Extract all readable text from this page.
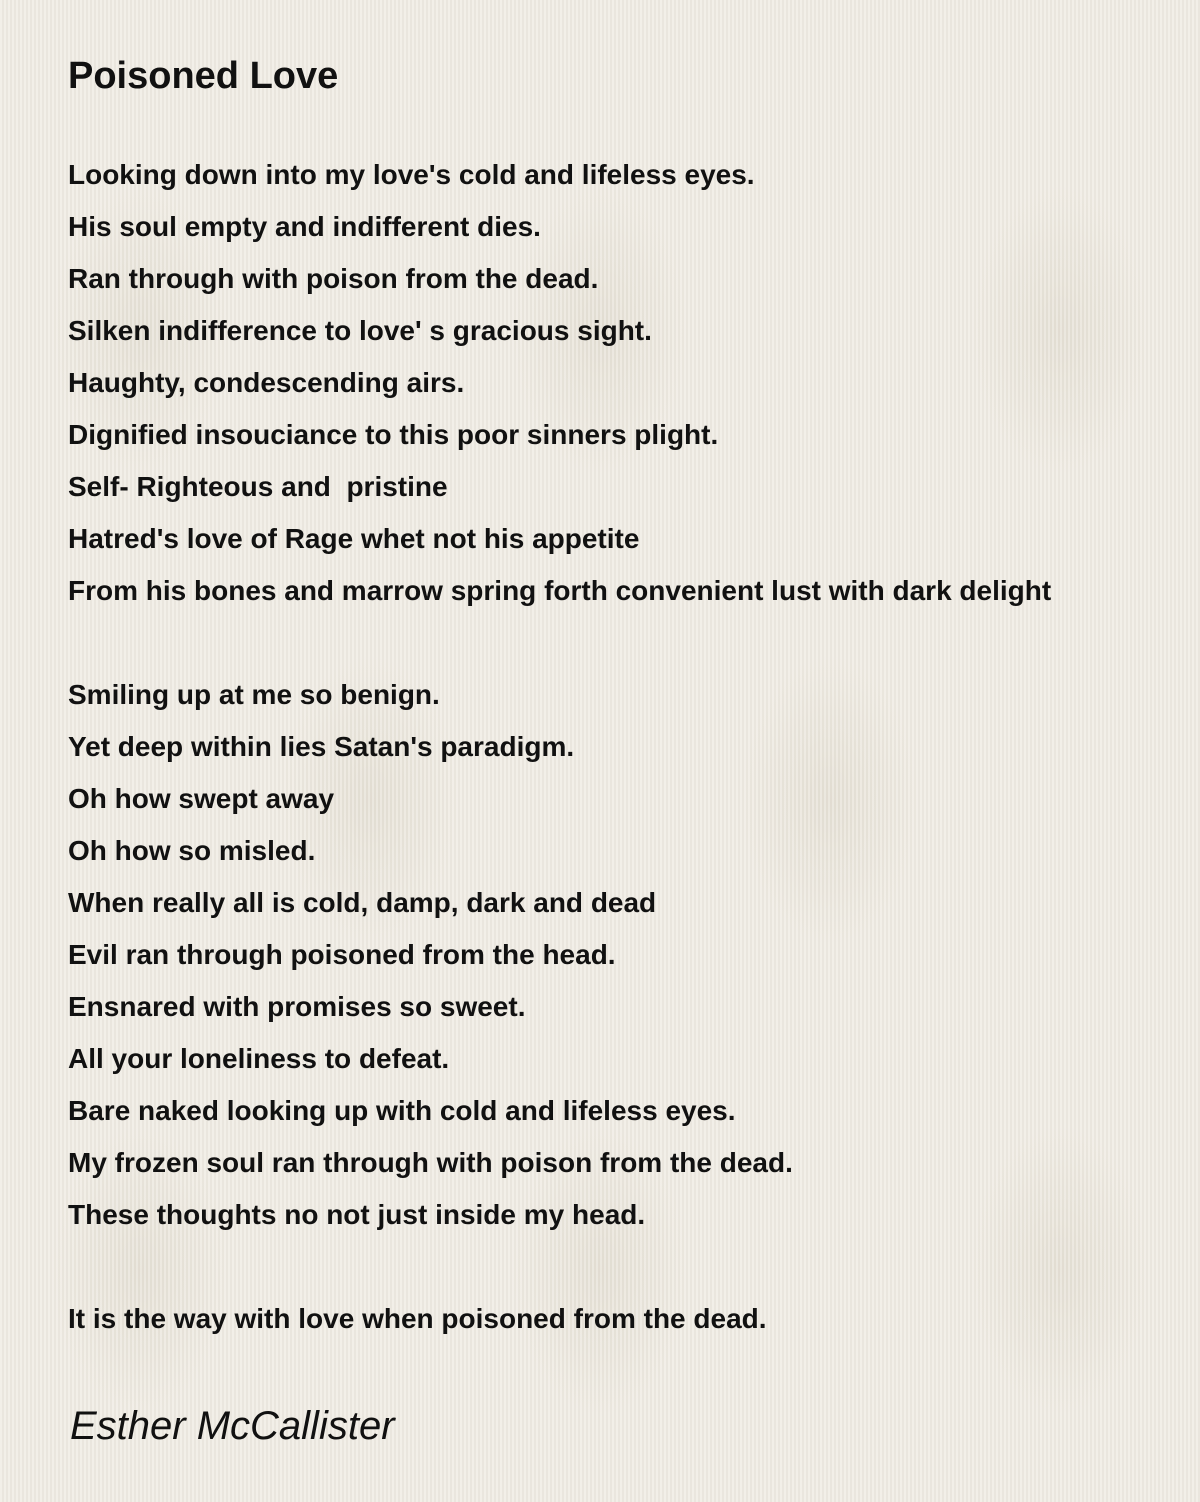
Poisoned Love
Looking down into my love's cold and lifeless eyes.
His soul empty and indifferent dies.
Ran through with poison from the dead.
Silken indifference to love' s gracious sight.
Haughty, condescending airs.
Dignified insouciance to this poor sinners plight.
Self- Righteous and  pristine
Hatred's love of Rage whet not his appetite
From his bones and marrow spring forth convenient lust with dark delight
Smiling up at me so benign.
Yet deep within lies Satan's paradigm.
Oh how swept away
Oh how so misled.
When really all is cold, damp, dark and dead
Evil ran through poisoned from the head.
Ensnared with promises so sweet.
All your loneliness to defeat.
Bare naked looking up with cold and lifeless eyes.
My frozen soul ran through with poison from the dead.
These thoughts no not just inside my head.
It is the way with love when poisoned from the dead.
Esther McCallister
